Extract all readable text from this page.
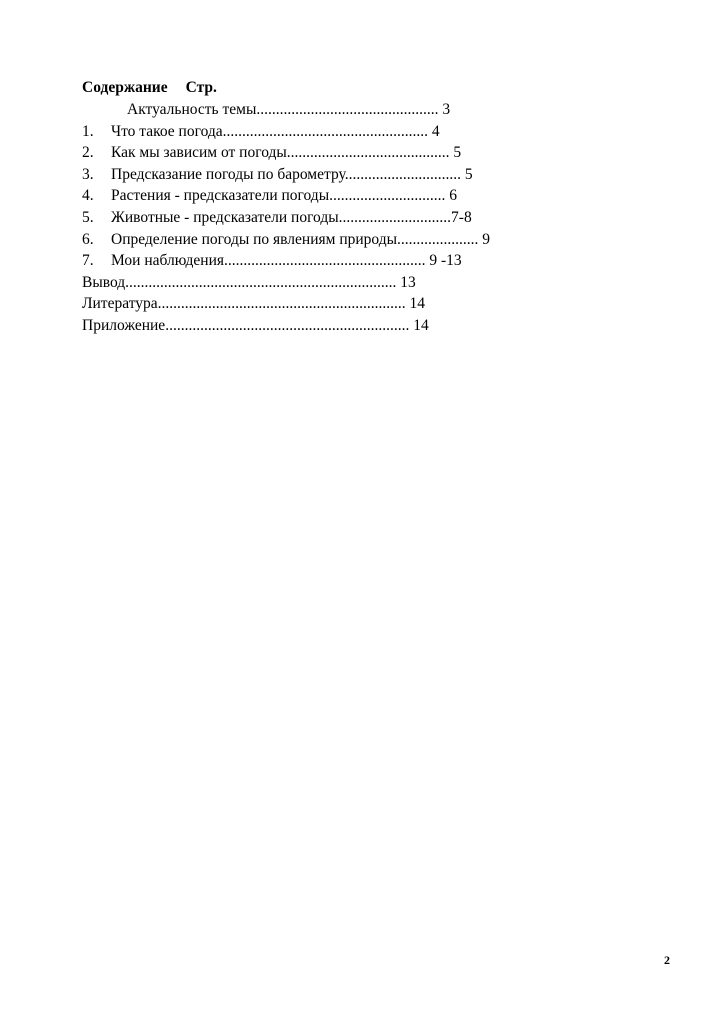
Содержание Стр.
Актуальность темы............................................... 3
1. Что такое погода..................................................... 4
2. Как мы зависим от погоды.......................................... 5
3. Предсказание погоды по барометру.............................. 5
4. Растения - предсказатели погоды.............................. 6
5. Животные - предсказатели погоды.............................7-8
6. Определение погоды по явлениям природы..................... 9
7. Мои наблюдения.................................................... 9 -13
Вывод...................................................................... 13
Литература................................................................ 14
Приложение............................................................... 14
2
